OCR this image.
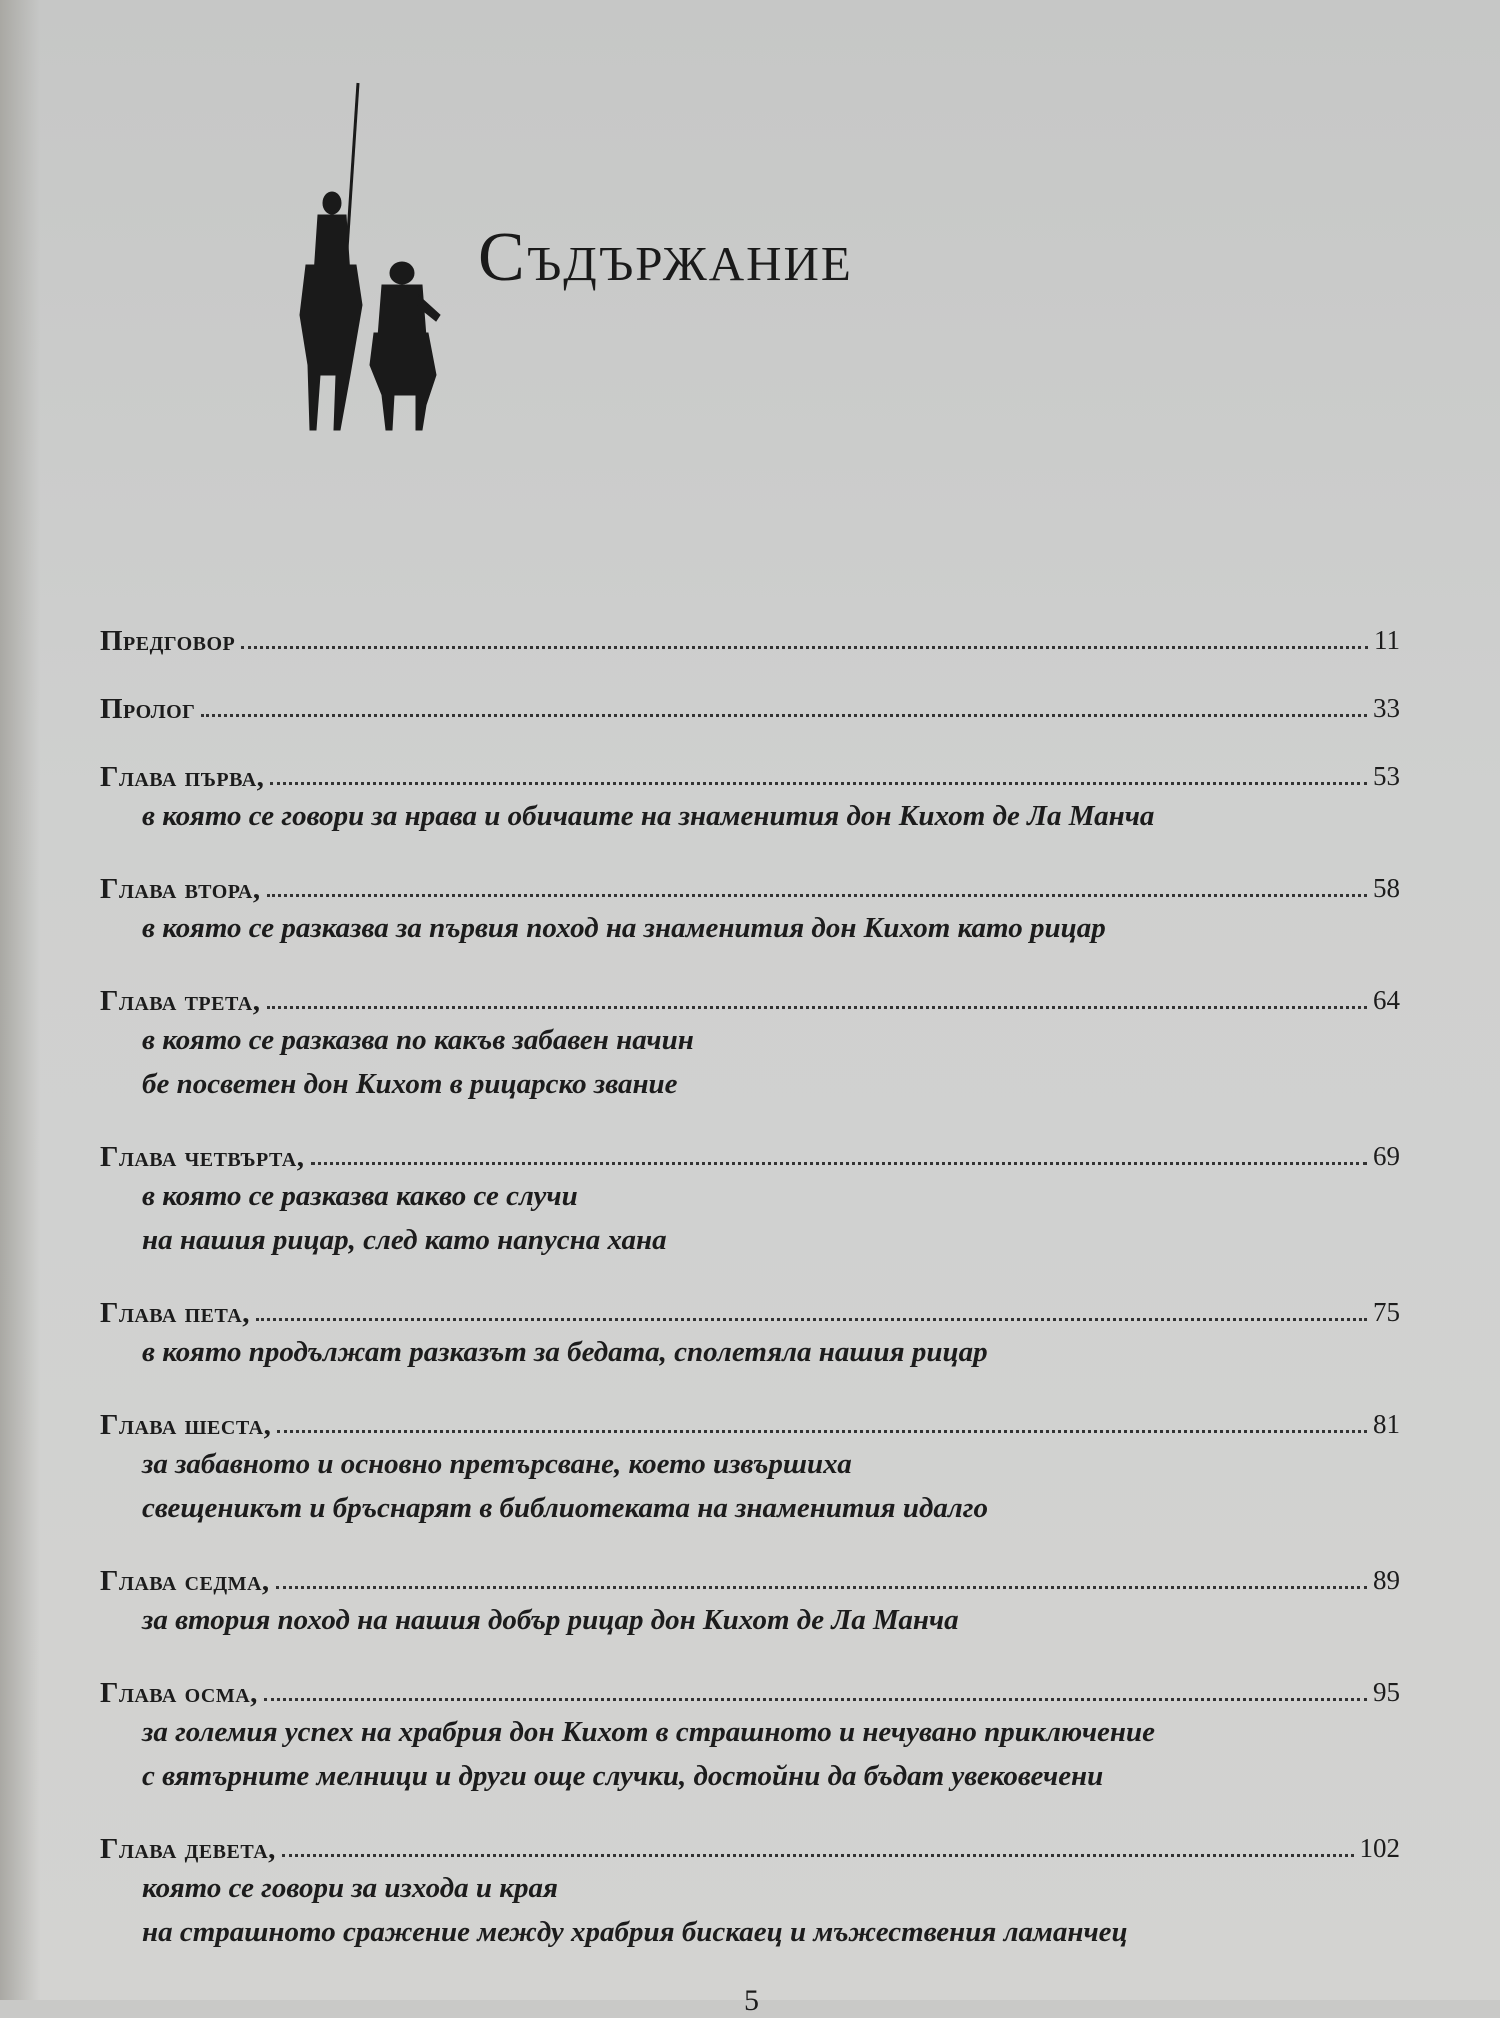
Съдържание
Предговор	11
Пролог	33
Глава първа,	53
в която се говори за нрава и обичаите на знаменития дон Кихот де Ла Манча
Глава втора,	58
в която се разказва за първия поход на знаменития дон Кихот като рицар
Глава трета,	64
в която се разказва по какъв забавен начин
бе посветен дон Кихот в рицарско звание
Глава четвърта,	69
в която се разказва какво се случи
на нашия рицар, след като напусна хана
Глава пета,	75
в която продължат разказът за бедата, сполетяла нашия рицар
Глава шеста,	81
за забавното и основно претърсване, което извършиха
свещеникът и бръснарят в библиотеката на знаменития идалго
Глава седма,	89
за втория поход на нашия добър рицар дон Кихот де Ла Манча
Глава осма,	95
за големия успех на храбрия дон Кихот в страшното и нечувано приключение
с вятърните мелници и други още случки, достойни да бъдат увековечени
Глава девета,	102
която се говори за изхода и края
на страшното сражение между храбрия бискаец и мъжествения ламанчец
5
